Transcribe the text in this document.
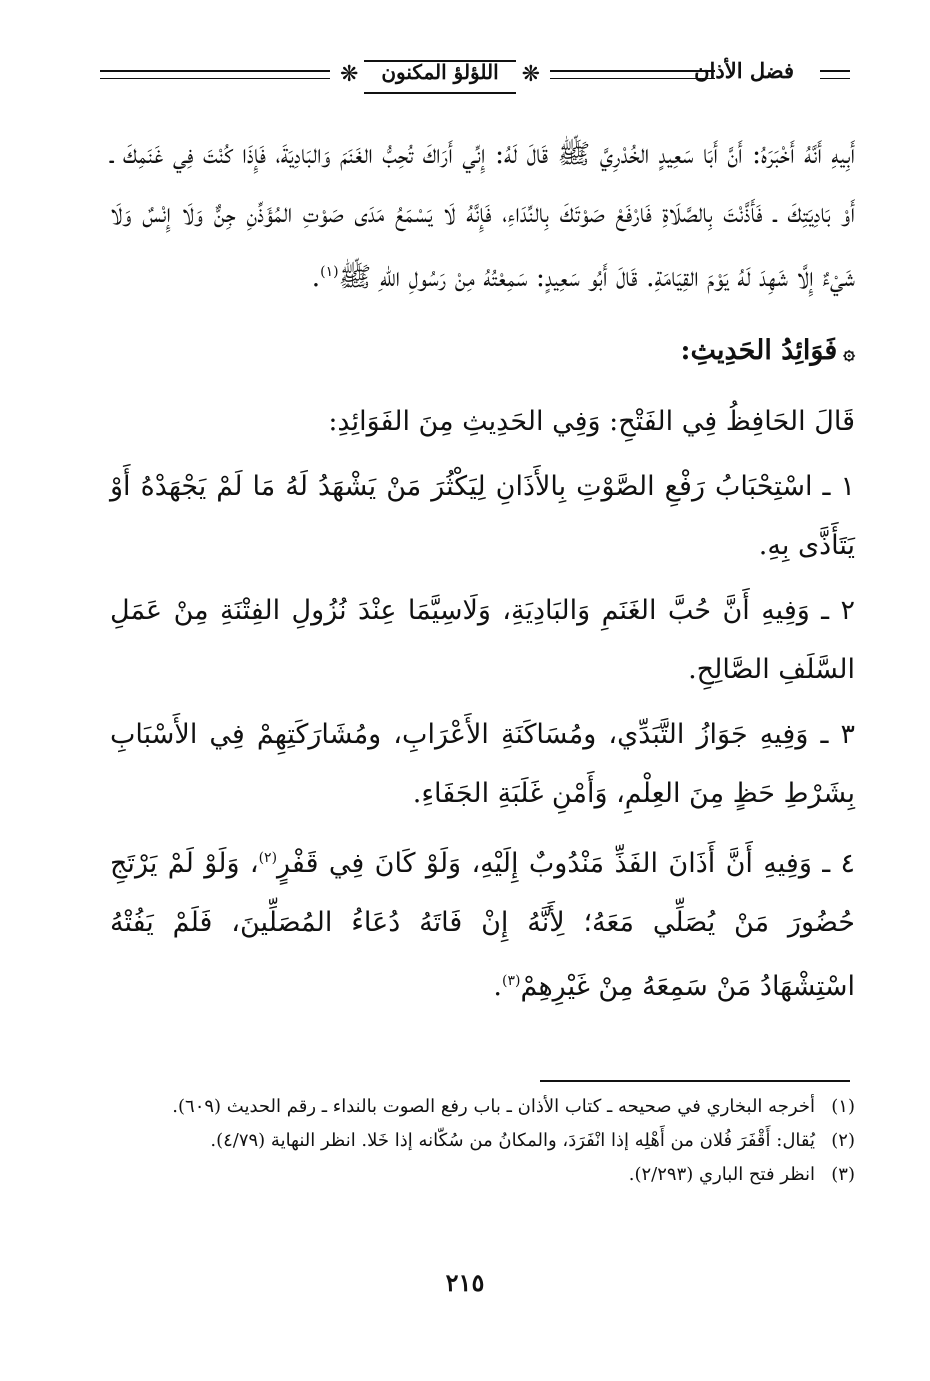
❋	اللؤلؤ المكنون	❋	فضل الأذان

أَبِيهِ أَنَّهُ أَخْبَرَهُ: أَنَّ أَبَا سَعِيدٍ الخُدْرِيَّ ﷺ قَالَ لَهُ: إِنِّي أَرَاكَ تُحِبُّ الغَنَمَ وَالبَادِيَةَ، فَإِذَا كُنْتَ فِي غَنَمِكَ ـ أَوْ بَادِيَتِكَ ـ فَأَذَّنْتَ بِالصَّلَاةِ فَارْفَعْ صَوْتَكَ بِالنِّدَاءِ، فَإِنَّهُ لَا يَسْمَعُ مَدَى صَوْتِ المُؤَذِّنِ جِنٌّ وَلَا إِنْسٌ وَلَا شَيْءٌ إِلَّا شَهِدَ لَهُ يَوْمَ القِيَامَةِ. قَالَ أَبُو سَعِيدٍ: سَمِعْتُهُ مِنْ رَسُولِ اللهِ ﷺ$^{(١)}$.

۞فَوَائِدُ الحَدِيثِ:

قَالَ الحَافِظُ فِي الفَتْحِ: وَفِي الحَدِيثِ مِنَ الفَوَائِدِ:

١ ـ اسْتِحْبَابُ رَفْعِ الصَّوْتِ بِالأَذَانِ لِيَكْثُرَ مَنْ يَشْهَدُ لَهُ مَا لَمْ يَجْهَدْهُ أَوْ يَتَأَذَّى بِهِ.

٢ ـ وَفِيهِ أَنَّ حُبَّ الغَنَمِ وَالبَادِيَةِ، وَلَاسِيَّمَا عِنْدَ نُزُولِ الفِتْنَةِ مِنْ عَمَلِ السَّلَفِ الصَّالِحِ.

٣ ـ وَفِيهِ جَوَازُ التَّبَدِّي، ومُسَاكَنَةِ الأَعْرَابِ، ومُشَارَكَتِهِمْ فِي الأَسْبَابِ بِشَرْطِ حَظٍ مِنَ العِلْمِ، وَأَمْنِ غَلَبَةِ الجَفَاءِ.

٤ ـ وَفِيهِ أَنَّ أَذَانَ الفَذِّ مَنْدُوبٌ إِلَيْهِ، وَلَوْ كَانَ فِي قَفْرٍ$^{(٢)}$، وَلَوْ لَمْ يَرْتَجِ حُضُورَ مَنْ يُصَلِّي مَعَهُ؛ لِأَنَّهُ إِنْ فَاتَهُ دُعَاءُ المُصَلِّينَ، فَلَمْ يَفُتْهُ اسْتِشْهَادُ مَنْ سَمِعَهُ مِنْ غَيْرِهِمْ$^{(٣)}$.

(١)
أخرجه البخاري في صحيحه ـ كتاب الأذان ـ باب رفع الصوت بالنداء ـ رقم الحديث (٦٠٩).
(٢)
يُقال: أَقْفَرَ فُلان من أَهْلِه إذا انْفَرَدَ، والمكانُ من سُكّانه إذا خَلا. انظر النهاية (٤/٧٩).
(٣)
انظر فتح الباري (٢/٢٩٣).
٢١٥
